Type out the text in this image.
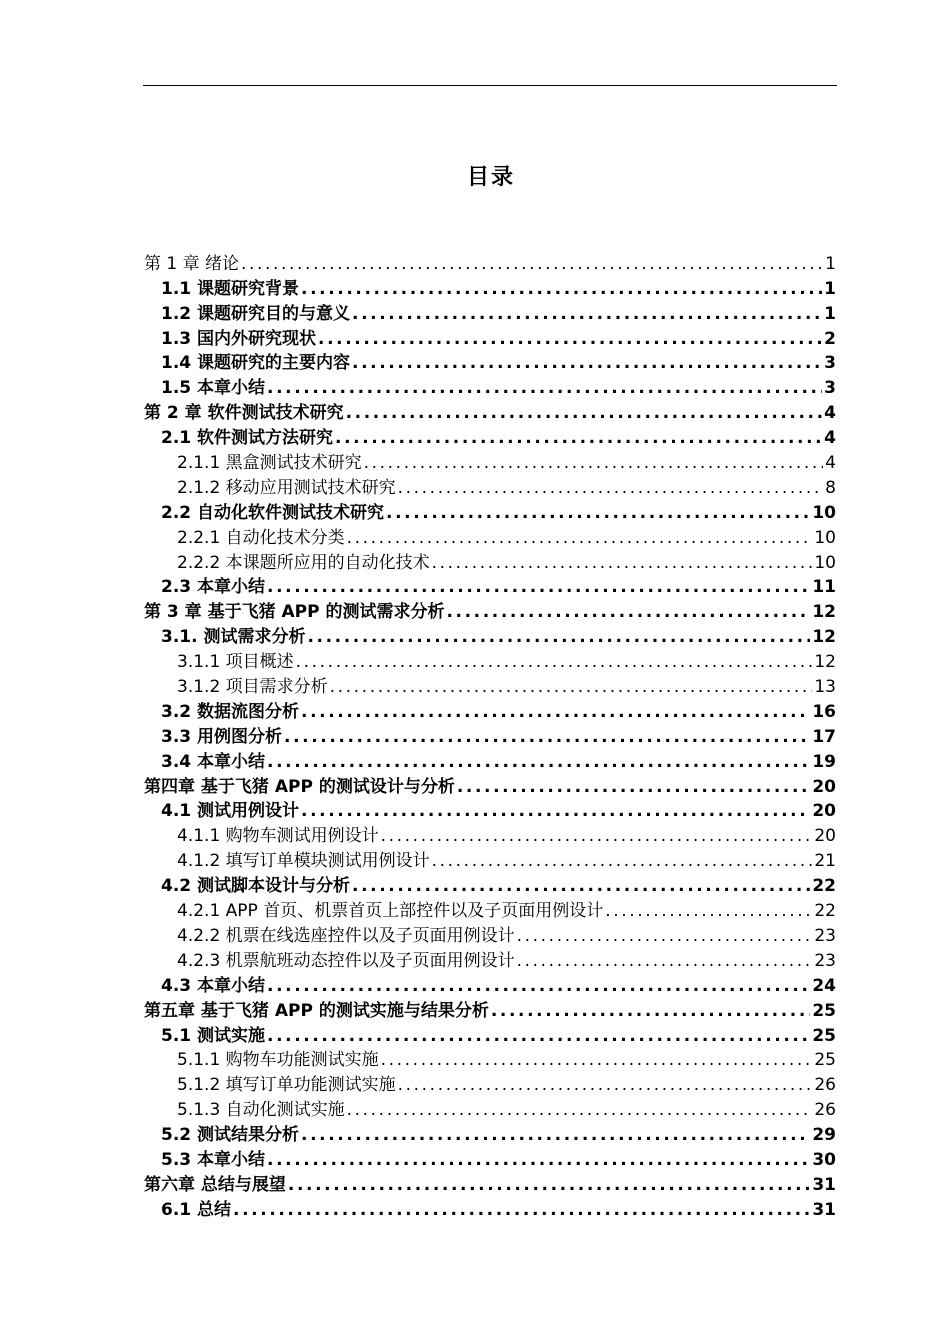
目录
第 1 章 绪论 .....	1
1.1 课题研究背景 .....	1
1.2 课题研究目的与意义 .....	1
1.3 国内外研究现状 .....	2
1.4 课题研究的主要内容 .....	3
1.5 本章小结 .....	3
第 2 章 软件测试技术研究 .....	4
2.1 软件测试方法研究 .....	4
2.1.1 黑盒测试技术研究 .....	4
2.1.2 移动应用测试技术研究 .....	8
2.2 自动化软件测试技术研究 .....	10
2.2.1 自动化技术分类 .....	10
2.2.2 本课题所应用的自动化技术 .....	10
2.3 本章小结 .....	11
第 3 章 基于飞猪 APP 的测试需求分析 .....	12
3.1. 测试需求分析 .....	12
3.1.1 项目概述 .....	12
3.1.2 项目需求分析 .....	13
3.2 数据流图分析 .....	16
3.3 用例图分析 .....	17
3.4 本章小结 .....	19
第四章 基于飞猪 APP 的测试设计与分析 .....	20
4.1 测试用例设计 .....	20
4.1.1 购物车测试用例设计 .....	20
4.1.2 填写订单模块测试用例设计 .....	21
4.2 测试脚本设计与分析 .....	22
4.2.1 APP 首页、机票首页上部控件以及子页面用例设计 .....	22
4.2.2 机票在线选座控件以及子页面用例设计 .....	23
4.2.3 机票航班动态控件以及子页面用例设计 .....	23
4.3 本章小结 .....	24
第五章 基于飞猪 APP 的测试实施与结果分析 .....	25
5.1 测试实施 .....	25
5.1.1 购物车功能测试实施 .....	25
5.1.2 填写订单功能测试实施 .....	26
5.1.3 自动化测试实施 .....	26
5.2 测试结果分析 .....	29
5.3 本章小结 .....	30
第六章 总结与展望 .....	31
6.1 总结 .....	31
